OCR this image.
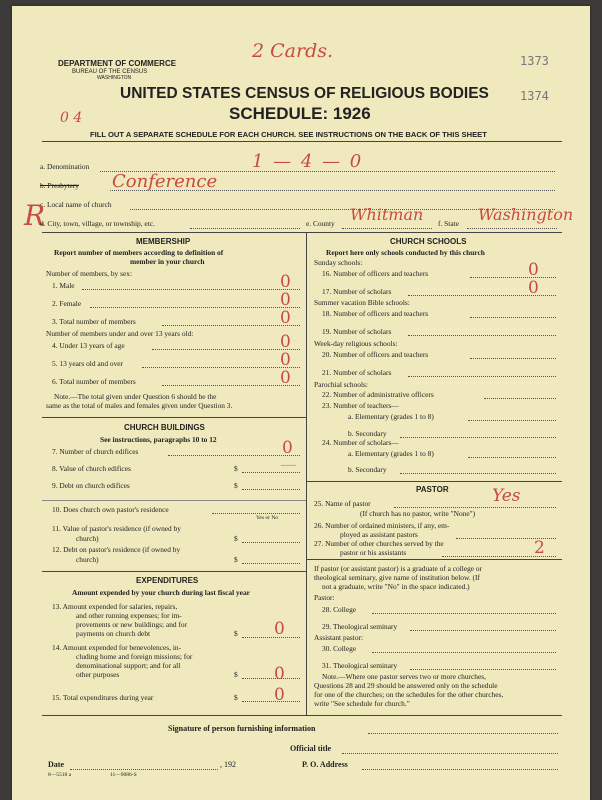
DEPARTMENT OF COMMERCE
BUREAU OF THE CENSUS
WASHINGTON
UNITED STATES CENSUS OF RELIGIOUS BODIES
SCHEDULE: 1926
FILL OUT A SEPARATE SCHEDULE FOR EACH CHURCH. SEE INSTRUCTIONS ON THE BACK OF THIS SHEET
1373
1374
2 Cards.
0 4
a. Denomination	1 — 4 — 0
b. Presbytery Conference
c. Local name of church
R
d. City, town, village, or township, etc.	e. County Whitman f. State Washington
MEMBERSHIP
Report number of members according to definition of
member in your church
Number of members, by sex:
1. Male	0
2. Female	0
3. Total number of members	0
Number of members under and over 13 years old:
4. Under 13 years of age	0
5. 13 years old and over	0
6. Total number of members	0
Note.—The total given under Question 6 should be the
same as the total of males and females given under Question 3.
CHURCH BUILDINGS
See instructions, paragraphs 10 to 12
7. Number of church edifices	0
8. Value of church edifices	$ —
9. Debt on church edifices	$
10. Does church own pastor's residence
Yes or No
11. Value of pastor's residence (if owned by
church)	$
12. Debt on pastor's residence (if owned by
church)	$
EXPENDITURES
Amount expended by your church during last fiscal year
13. Amount expended for salaries, repairs,
and other running expenses; for im-
provements or new buildings; and for
payments on church debt	$ 0
14. Amount expended for benevolences, in-
cluding home and foreign missions; for
denominational support; and for all
other purposes	$ 0
15. Total expenditures during year	$ 0
CHURCH SCHOOLS
Report here only schools conducted by this church
Sunday schools:
16. Number of officers and teachers	0
17. Number of scholars	0
Summer vacation Bible schools:
18. Number of officers and teachers
19. Number of scholars
Week-day religious schools:
20. Number of officers and teachers
21. Number of scholars
Parochial schools:
22. Number of administrative officers
23. Number of teachers—
a. Elementary (grades 1 to 8)
b. Secondary
24. Number of scholars—
a. Elementary (grades 1 to 8)
b. Secondary
PASTOR
25. Name of pastor	Yes
(If church has no pastor, write "None")
26. Number of ordained ministers, if any, em-
ployed as assistant pastors
27. Number of other churches served by the
pastor or his assistants	2
If pastor (or assistant pastor) is a graduate of a college or
theological seminary, give name of institution below. (If
not a graduate, write "No" in the space indicated.)
Pastor:
28. College
29. Theological seminary
Assistant pastor:
30. College
31. Theological seminary
Note.—Where one pastor serves two or more churches,
Questions 28 and 29 should be answered only on the schedule
for one of the churches; on the schedules for the other churches,
write "See schedule for church."
Signature of person furnishing information
Official title
Date	, 192	P. O. Address
8—5518 a	11—9086-S
